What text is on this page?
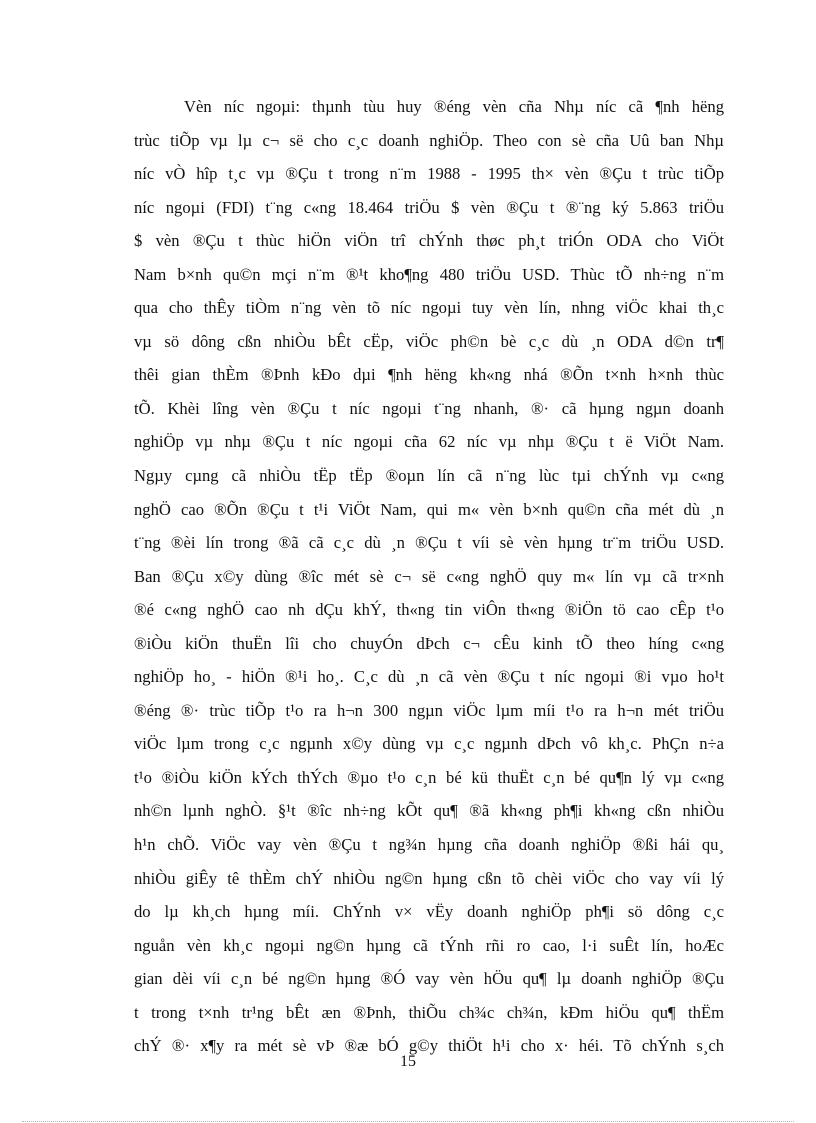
Vèn níc ngoµi: thµnh tùu huy ®éng vèn cña Nhµ níc cã ¶nh hëng
trùc tiÕp vµ lµ c¬ së cho c¸c doanh nghiÖp. Theo con sè cña Uû ban Nhµ
níc vÒ hîp t¸c vµ ®Çu t trong n¨m 1988 - 1995 th× vèn ®Çu t trùc tiÕp
níc ngoµi (FDI) t¨ng c«ng 18.464 triÖu $ vèn ®Çu t ®¨ng ký 5.863 triÖu
$ vèn ®Çu t thùc hiÖn viÖn trî chÝnh thøc ph¸t triÓn ODA cho ViÖt
Nam b×nh qu©n mçi n¨m ®¹t kho¶ng 480 triÖu USD. Thùc tÕ nh÷ng n¨m
qua cho thÊy tiÒm n¨ng vèn tõ níc ngoµi tuy vèn lín, nhng viÖc khai th¸c
vµ sö dông cßn nhiÒu bÊt cËp, viÖc ph©n bè c¸c dù ¸n ODA d©n tr¶
thêi gian thÈm ®Þnh kÐo dµi ¶nh hëng kh«ng nhá ®Õn t×nh h×nh thùc
tÕ. Khèi lîng vèn ®Çu t níc ngoµi t¨ng nhanh, ®· cã hµng ngµn doanh
nghiÖp vµ nhµ ®Çu t níc ngoµi cña 62 níc vµ nhµ ®Çu t ë ViÖt Nam.
Ngµy cµng cã nhiÒu tËp tËp ®oµn lín cã n¨ng lùc tµi chÝnh vµ c«ng
nghÖ cao ®Õn ®Çu t t¹i ViÖt Nam, qui m« vèn b×nh qu©n cña mét dù ¸n
t¨ng ®èi lín trong ®ã cã c¸c dù ¸n ®Çu t víi sè vèn hµng tr¨m triÖu USD.
Ban ®Çu x©y dùng ®îc mét sè c¬ së c«ng nghÖ quy m« lín vµ cã tr×nh
®é c«ng nghÖ cao nh dÇu khÝ, th«ng tin viÔn th«ng ®iÖn tö cao cÊp t¹o
®iÒu kiÖn thuËn lîi cho chuyÓn dÞch c¬ cÊu kinh tÕ theo híng c«ng
nghiÖp ho¸ - hiÖn ®¹i ho¸. C¸c dù ¸n cã vèn ®Çu t níc ngoµi ®i vµo ho¹t
®éng ®· trùc tiÕp t¹o ra h¬n 300 ngµn viÖc lµm míi t¹o ra h¬n mét triÖu
viÖc lµm trong c¸c ngµnh x©y dùng vµ c¸c ngµnh dÞch vô kh¸c. PhÇn n÷a
t¹o ®iÒu kiÖn kÝch thÝch ®µo t¹o c¸n bé kü thuËt c¸n bé qu¶n lý vµ c«ng
nh©n lµnh nghÒ. §¹t ®îc nh÷ng kÕt qu¶ ®ã kh«ng ph¶i kh«ng cßn nhiÒu
h¹n chÕ. ViÖc vay vèn ®Çu t ng¾n hµng cña doanh nghiÖp ®ßi hái qu¸
nhiÒu giÊy tê thÈm chÝ nhiÒu ng©n hµng cßn tõ chèi viÖc cho vay víi lý
do lµ kh¸ch hµng míi. ChÝnh v× vËy doanh nghiÖp ph¶i sö dông c¸c
nguån vèn kh¸c ngoµi ng©n hµng cã tÝnh rñi ro cao, l·i suÊt lín, hoÆc
gian dèi víi c¸n bé ng©n hµng ®Ó vay vèn hÖu qu¶ lµ doanh nghiÖp ®Çu
t trong t×nh tr¹ng bÊt æn ®Þnh, thiÕu ch¾c ch¾n, kÐm hiÖu qu¶ thËm
chÝ ®· x¶y ra mét sè vÞ ®æ bÓ g©y thiÖt h¹i cho x· héi. Tõ chÝnh s¸ch
15
